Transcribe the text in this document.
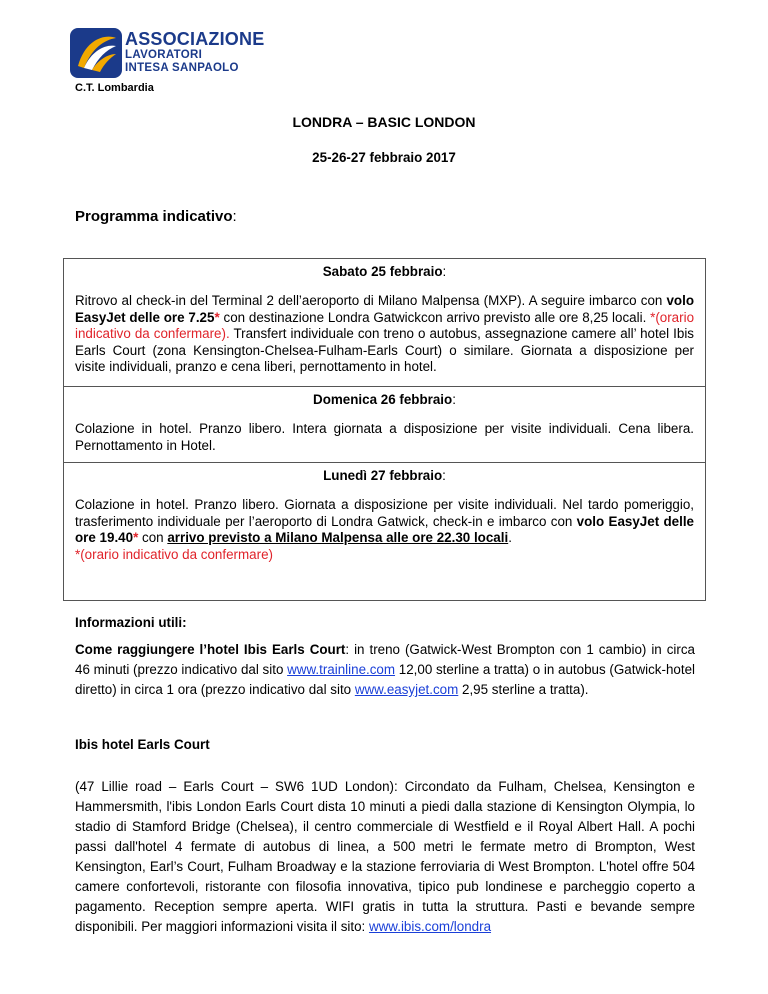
ASSOCIAZIONE
LAVORATORI
INTESA SANPAOLO
C.T. Lombardia
LONDRA – BASIC LONDON
25-26-27 febbraio 2017
Programma indicativo:
Sabato 25 febbraio:
Ritrovo al check-in del Terminal 2 dell’aeroporto di Milano Malpensa (MXP). A seguire imbarco con volo EasyJet delle ore 7.25* con destinazione Londra Gatwickcon arrivo previsto alle ore 8,25 locali. *(orario indicativo da confermare). Transfert individuale con treno o autobus, assegnazione camere all’ hotel Ibis Earls Court (zona Kensington-Chelsea-Fulham-Earls Court) o similare. Giornata a disposizione per visite individuali, pranzo e cena liberi, pernottamento in hotel.
Domenica 26 febbraio:
Colazione in hotel. Pranzo libero. Intera giornata a disposizione per visite individuali. Cena libera. Pernottamento in Hotel.
Lunedì 27 febbraio:
Colazione in hotel. Pranzo libero. Giornata a disposizione per visite individuali. Nel tardo pomeriggio, trasferimento individuale per l’aeroporto di Londra Gatwick, check-in e imbarco con volo EasyJet delle ore 19.40* con arrivo previsto a Milano Malpensa alle ore 22.30 locali.
*(orario indicativo da confermare)
Informazioni utili:
Come raggiungere l’hotel Ibis Earls Court: in treno (Gatwick-West Brompton con 1 cambio) in circa 46 minuti (prezzo indicativo dal sito www.trainline.com 12,00 sterline a tratta) o in autobus (Gatwick-hotel diretto) in circa 1 ora (prezzo indicativo dal sito www.easyjet.com 2,95 sterline a tratta).
Ibis hotel Earls Court
(47 Lillie road – Earls Court – SW6 1UD London): Circondato da Fulham, Chelsea, Kensington e Hammersmith, l'ibis London Earls Court dista 10 minuti a piedi dalla stazione di Kensington Olympia, lo stadio di Stamford Bridge (Chelsea), il centro commerciale di Westfield e il Royal Albert Hall. A pochi passi dall'hotel 4 fermate di autobus di linea, a 500 metri le fermate metro di Brompton, West Kensington, Earl’s Court, Fulham Broadway e la stazione ferroviaria di West Brompton. L'hotel offre 504 camere confortevoli, ristorante con filosofia innovativa, tipico pub londinese e parcheggio coperto a pagamento. Reception sempre aperta. WIFI gratis in tutta la struttura. Pasti e bevande sempre disponibili. Per maggiori informazioni visita il sito: www.ibis.com/londra
